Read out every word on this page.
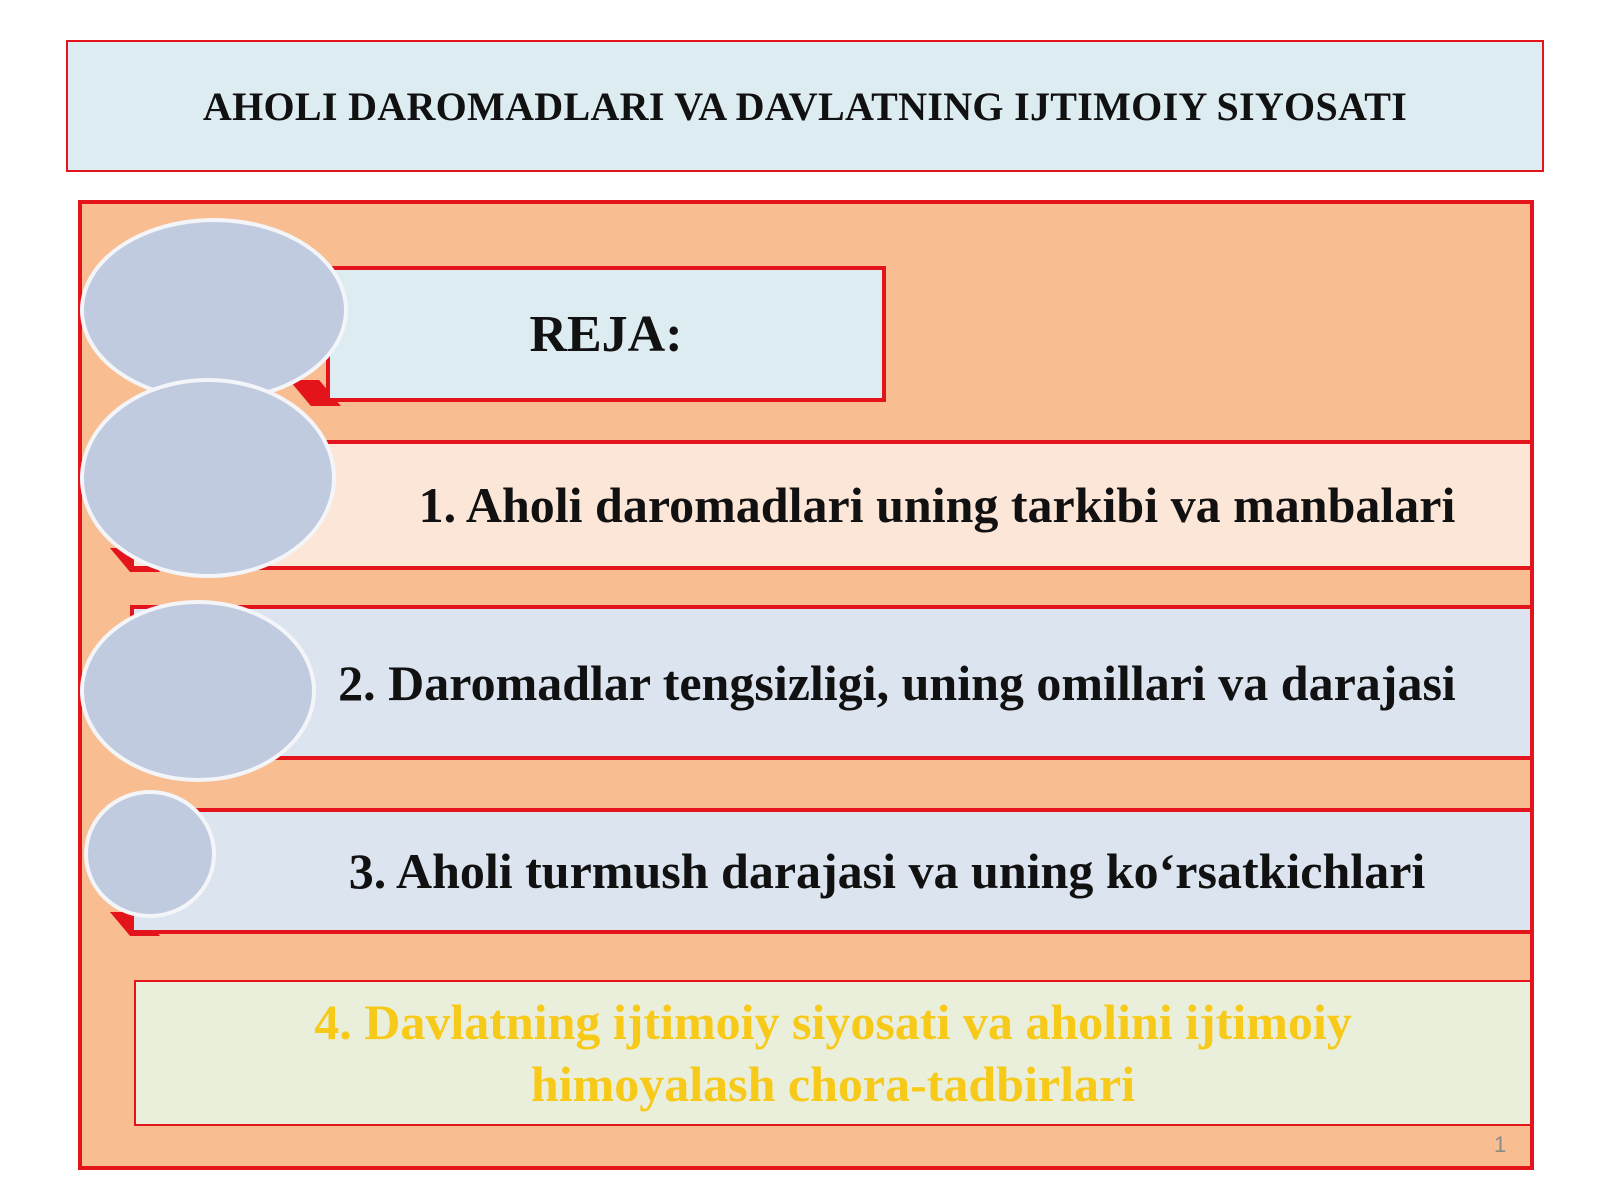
AHOLI DAROMADLARI VA DAVLATNING IJTIMOIY SIYOSATI
REJA:
1. Aholi daromadlari uning tarkibi va manbalari
2. Daromadlar tengsizligi, uning omillari va darajasi
3. Aholi turmush darajasi va uning ko‘rsatkichlari
4. Davlatning ijtimoiy siyosati va aholini ijtimoiy himoyalash chora-tadbirlari
1
